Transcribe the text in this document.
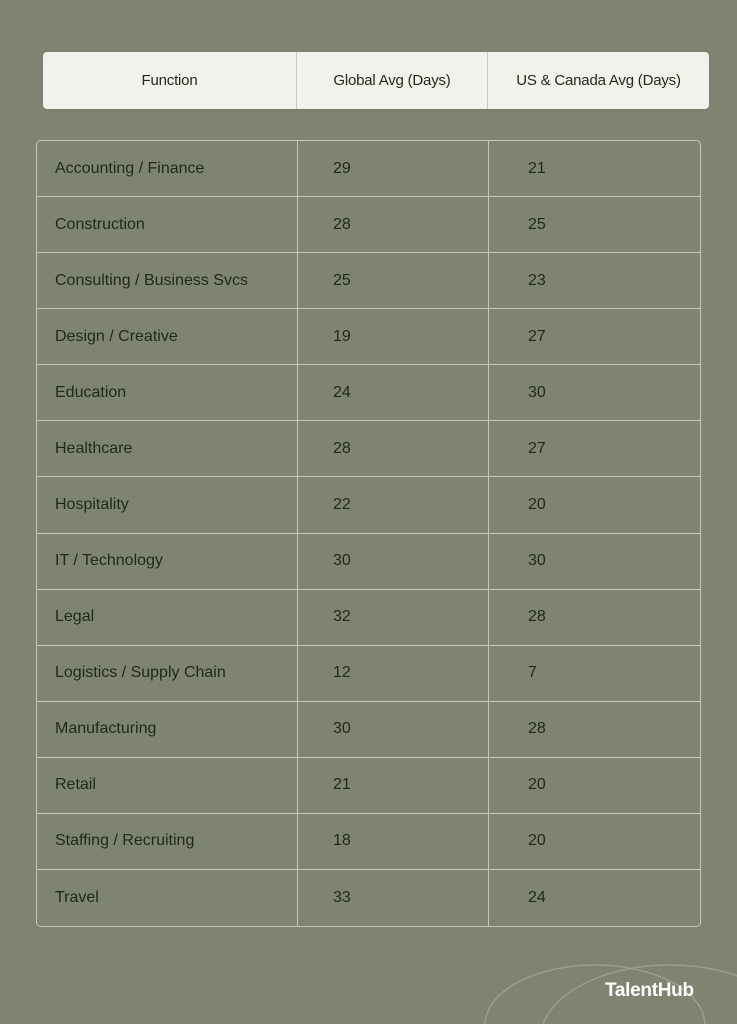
Function	Global Avg (Days)	US & Canada Avg (Days)
Accounting / Finance	29	21
Construction	28	25
Consulting / Business Svcs	25	23
Design / Creative	19	27
Education	24	30
Healthcare	28	27
Hospitality	22	20
IT / Technology	30	30
Legal	32	28
Logistics / Supply Chain	12	7
Manufacturing	30	28
Retail	21	20
Staffing / Recruiting	18	20
Travel	33	24
TalentHub
